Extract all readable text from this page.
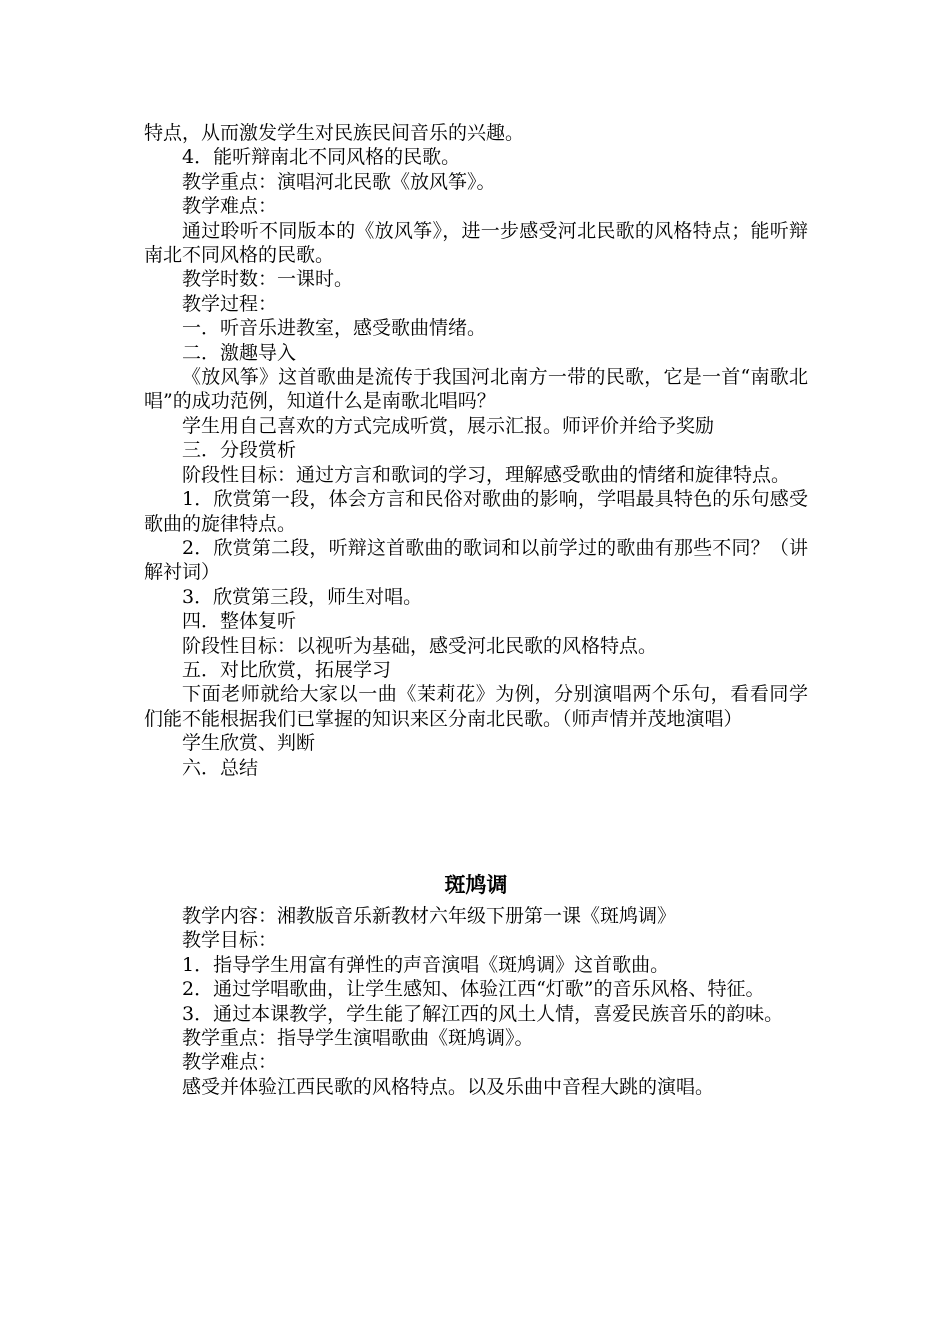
特点，从而激发学生对民族民间音乐的兴趣。

4．能听辩南北不同风格的民歌。

教学重点：演唱河北民歌《放风筝》。

教学难点：

通过聆听不同版本的《放风筝》，进一步感受河北民歌的风格特点；能听辩南北不同风格的民歌。

教学时数：一课时。

教学过程：

一．听音乐进教室，感受歌曲情绪。

二．激趣导入

《放风筝》这首歌曲是流传于我国河北南方一带的民歌，它是一首“南歌北唱”的成功范例，知道什么是南歌北唱吗？

学生用自己喜欢的方式完成听赏，展示汇报。师评价并给予奖励

三．分段赏析

阶段性目标：通过方言和歌词的学习，理解感受歌曲的情绪和旋律特点。

1．欣赏第一段，体会方言和民俗对歌曲的影响，学唱最具特色的乐句感受歌曲的旋律特点。

2．欣赏第二段，听辩这首歌曲的歌词和以前学过的歌曲有那些不同？（讲解衬词）

3．欣赏第三段，师生对唱。

四．整体复听

阶段性目标：以视听为基础，感受河北民歌的风格特点。

五．对比欣赏，拓展学习

下面老师就给大家以一曲《茉莉花》为例，分别演唱两个乐句，看看同学们能不能根据我们已掌握的知识来区分南北民歌。（师声情并茂地演唱）

学生欣赏、判断

六．总结

斑鸠调

教学内容：湘教版音乐新教材六年级下册第一课《斑鸠调》

教学目标：

1．指导学生用富有弹性的声音演唱《斑鸠调》这首歌曲。

2．通过学唱歌曲，让学生感知、体验江西“灯歌”的音乐风格、特征。

3．通过本课教学，学生能了解江西的风土人情，喜爱民族音乐的韵味。

教学重点：指导学生演唱歌曲《斑鸠调》。

教学难点：

感受并体验江西民歌的风格特点。以及乐曲中音程大跳的演唱。
